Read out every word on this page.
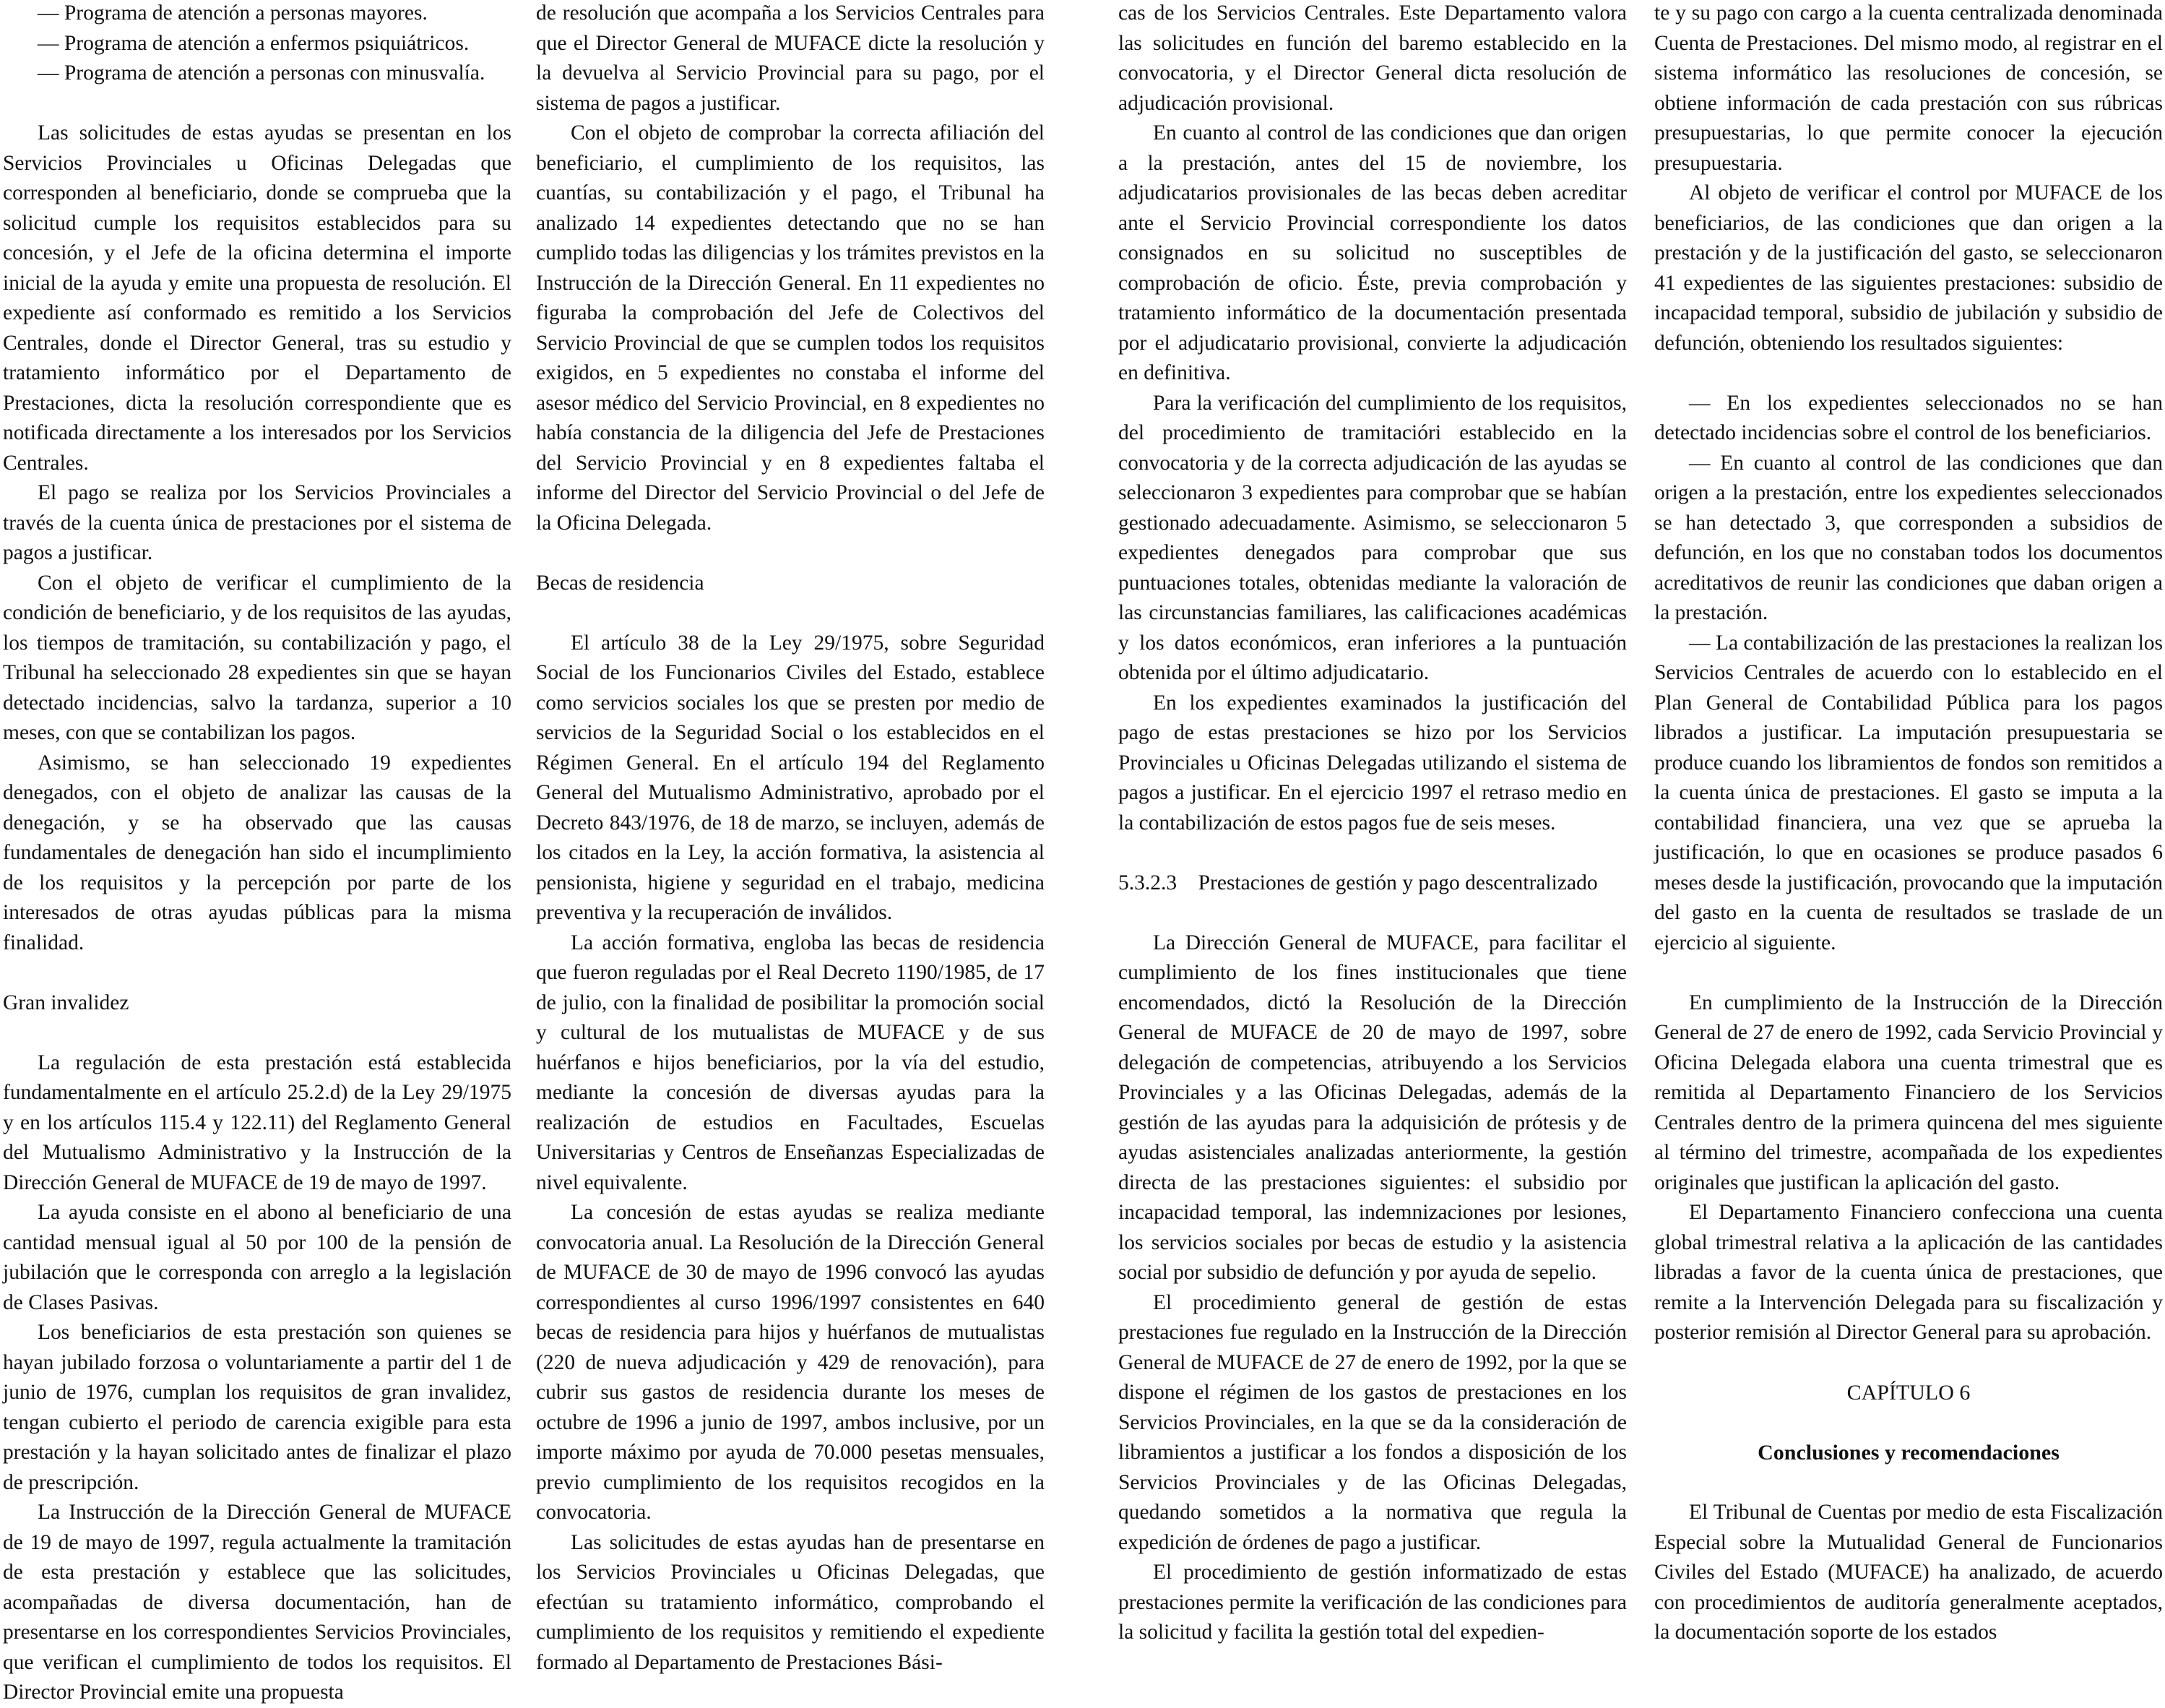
— Programa de atención a personas mayores.

— Programa de atención a enfermos psiquiátricos.

— Programa de atención a personas con minusvalía.

Las solicitudes de estas ayudas se presentan en los Servicios Provinciales u Oficinas Delegadas que corresponden al beneficiario, donde se comprueba que la solicitud cumple los requisitos establecidos para su concesión, y el Jefe de la oficina determina el importe inicial de la ayuda y emite una propuesta de resolución. El expediente así conformado es remitido a los Servicios Centrales, donde el Director General, tras su estudio y tratamiento informático por el Departamento de Prestaciones, dicta la resolución correspondiente que es notificada directamente a los interesados por los Servicios Centrales.

El pago se realiza por los Servicios Provinciales a través de la cuenta única de prestaciones por el sistema de pagos a justificar.

Con el objeto de verificar el cumplimiento de la condición de beneficiario, y de los requisitos de las ayudas, los tiempos de tramitación, su contabilización y pago, el Tribunal ha seleccionado 28 expedientes sin que se hayan detectado incidencias, salvo la tardanza, superior a 10 meses, con que se contabilizan los pagos.

Asimismo, se han seleccionado 19 expedientes denegados, con el objeto de analizar las causas de la denegación, y se ha observado que las causas fundamentales de denegación han sido el incumplimiento de los requisitos y la percepción por parte de los interesados de otras ayudas públicas para la misma finalidad.

Gran invalidez

La regulación de esta prestación está establecida fundamentalmente en el artículo 25.2.d) de la Ley 29/1975 y en los artículos 115.4 y 122.11) del Reglamento General del Mutualismo Administrativo y la Instrucción de la Dirección General de MUFACE de 19 de mayo de 1997.

La ayuda consiste en el abono al beneficiario de una cantidad mensual igual al 50 por 100 de la pensión de jubilación que le corresponda con arreglo a la legislación de Clases Pasivas.

Los beneficiarios de esta prestación son quienes se hayan jubilado forzosa o voluntariamente a partir del 1 de junio de 1976, cumplan los requisitos de gran invalidez, tengan cubierto el periodo de carencia exigible para esta prestación y la hayan solicitado antes de finalizar el plazo de prescripción.

La Instrucción de la Dirección General de MUFACE de 19 de mayo de 1997, regula actualmente la tramitación de esta prestación y establece que las solicitudes, acompañadas de diversa documentación, han de presentarse en los correspondientes Servicios Provinciales, que verifican el cumplimiento de todos los requisitos. El Director Provincial emite una propuesta

de resolución que acompaña a los Servicios Centrales para que el Director General de MUFACE dicte la resolución y la devuelva al Servicio Provincial para su pago, por el sistema de pagos a justificar.

Con el objeto de comprobar la correcta afiliación del beneficiario, el cumplimiento de los requisitos, las cuantías, su contabilización y el pago, el Tribunal ha analizado 14 expedientes detectando que no se han cumplido todas las diligencias y los trámites previstos en la Instrucción de la Dirección General. En 11 expedientes no figuraba la comprobación del Jefe de Colectivos del Servicio Provincial de que se cumplen todos los requisitos exigidos, en 5 expedientes no constaba el informe del asesor médico del Servicio Provincial, en 8 expedientes no había constancia de la diligencia del Jefe de Prestaciones del Servicio Provincial y en 8 expedientes faltaba el informe del Director del Servicio Provincial o del Jefe de la Oficina Delegada.

Becas de residencia

El artículo 38 de la Ley 29/1975, sobre Seguridad Social de los Funcionarios Civiles del Estado, establece como servicios sociales los que se presten por medio de servicios de la Seguridad Social o los establecidos en el Régimen General. En el artículo 194 del Reglamento General del Mutualismo Administrativo, aprobado por el Decreto 843/1976, de 18 de marzo, se incluyen, además de los citados en la Ley, la acción formativa, la asistencia al pensionista, higiene y seguridad en el trabajo, medicina preventiva y la recuperación de inválidos.

La acción formativa, engloba las becas de residencia que fueron reguladas por el Real Decreto 1190/1985, de 17 de julio, con la finalidad de posibilitar la promoción social y cultural de los mutualistas de MUFACE y de sus huérfanos e hijos beneficiarios, por la vía del estudio, mediante la concesión de diversas ayudas para la realización de estudios en Facultades, Escuelas Universitarias y Centros de Enseñanzas Especializadas de nivel equivalente.

La concesión de estas ayudas se realiza mediante convocatoria anual. La Resolución de la Dirección General de MUFACE de 30 de mayo de 1996 convocó las ayudas correspondientes al curso 1996/1997 consistentes en 640 becas de residencia para hijos y huérfanos de mutualistas (220 de nueva adjudicación y 429 de renovación), para cubrir sus gastos de residencia durante los meses de octubre de 1996 a junio de 1997, ambos inclusive, por un importe máximo por ayuda de 70.000 pesetas mensuales, previo cumplimiento de los requisitos recogidos en la convocatoria.

Las solicitudes de estas ayudas han de presentarse en los Servicios Provinciales u Oficinas Delegadas, que efectúan su tratamiento informático, comprobando el cumplimiento de los requisitos y remitiendo el expediente formado al Departamento de Prestaciones Bási-

cas de los Servicios Centrales. Este Departamento valora las solicitudes en función del baremo establecido en la convocatoria, y el Director General dicta resolución de adjudicación provisional.

En cuanto al control de las condiciones que dan origen a la prestación, antes del 15 de noviembre, los adjudicatarios provisionales de las becas deben acreditar ante el Servicio Provincial correspondiente los datos consignados en su solicitud no susceptibles de comprobación de oficio. Éste, previa comprobación y tratamiento informático de la documentación presentada por el adjudicatario provisional, convierte la adjudicación en definitiva.

Para la verificación del cumplimiento de los requisitos, del procedimiento de tramitacióri establecido en la convocatoria y de la correcta adjudicación de las ayudas se seleccionaron 3 expedientes para comprobar que se habían gestionado adecuadamente. Asimismo, se seleccionaron 5 expedientes denegados para comprobar que sus puntuaciones totales, obtenidas mediante la valoración de las circunstancias familiares, las calificaciones académicas y los datos económicos, eran inferiores a la puntuación obtenida por el último adjudicatario.

En los expedientes examinados la justificación del pago de estas prestaciones se hizo por los Servicios Provinciales u Oficinas Delegadas utilizando el sistema de pagos a justificar. En el ejercicio 1997 el retraso medio en la contabilización de estos pagos fue de seis meses.

5.3.2.3    Prestaciones de gestión y pago descentralizado

La Dirección General de MUFACE, para facilitar el cumplimiento de los fines institucionales que tiene encomendados, dictó la Resolución de la Dirección General de MUFACE de 20 de mayo de 1997, sobre delegación de competencias, atribuyendo a los Servicios Provinciales y a las Oficinas Delegadas, además de la gestión de las ayudas para la adquisición de prótesis y de ayudas asistenciales analizadas anteriormente, la gestión directa de las prestaciones siguientes: el subsidio por incapacidad temporal, las indemnizaciones por lesiones, los servicios sociales por becas de estudio y la asistencia social por subsidio de defunción y por ayuda de sepelio.

El procedimiento general de gestión de estas prestaciones fue regulado en la Instrucción de la Dirección General de MUFACE de 27 de enero de 1992, por la que se dispone el régimen de los gastos de prestaciones en los Servicios Provinciales, en la que se da la consideración de libramientos a justificar a los fondos a disposición de los Servicios Provinciales y de las Oficinas Delegadas, quedando sometidos a la normativa que regula la expedición de órdenes de pago a justificar.

El procedimiento de gestión informatizado de estas prestaciones permite la verificación de las condiciones para la solicitud y facilita la gestión total del expedien-

te y su pago con cargo a la cuenta centralizada denominada Cuenta de Prestaciones. Del mismo modo, al registrar en el sistema informático las resoluciones de concesión, se obtiene información de cada prestación con sus rúbricas presupuestarias, lo que permite conocer la ejecución presupuestaria.

Al objeto de verificar el control por MUFACE de los beneficiarios, de las condiciones que dan origen a la prestación y de la justificación del gasto, se seleccionaron 41 expedientes de las siguientes prestaciones: subsidio de incapacidad temporal, subsidio de jubilación y subsidio de defunción, obteniendo los resultados siguientes:

— En los expedientes seleccionados no se han detectado incidencias sobre el control de los beneficiarios.

— En cuanto al control de las condiciones que dan origen a la prestación, entre los expedientes seleccionados se han detectado 3, que corresponden a subsidios de defunción, en los que no constaban todos los documentos acreditativos de reunir las condiciones que daban origen a la prestación.

— La contabilización de las prestaciones la realizan los Servicios Centrales de acuerdo con lo establecido en el Plan General de Contabilidad Pública para los pagos librados a justificar. La imputación presupuestaria se produce cuando los libramientos de fondos son remitidos a la cuenta única de prestaciones. El gasto se imputa a la contabilidad financiera, una vez que se aprueba la justificación, lo que en ocasiones se produce pasados 6 meses desde la justificación, provocando que la imputación del gasto en la cuenta de resultados se traslade de un ejercicio al siguiente.

En cumplimiento de la Instrucción de la Dirección General de 27 de enero de 1992, cada Servicio Provincial y Oficina Delegada elabora una cuenta trimestral que es remitida al Departamento Financiero de los Servicios Centrales dentro de la primera quincena del mes siguiente al término del trimestre, acompañada de los expedientes originales que justifican la aplicación del gasto.

El Departamento Financiero confecciona una cuenta global trimestral relativa a la aplicación de las cantidades libradas a favor de la cuenta única de prestaciones, que remite a la Intervención Delegada para su fiscalización y posterior remisión al Director General para su aprobación.

CAPÍTULO 6
Conclusiones y recomendaciones

El Tribunal de Cuentas por medio de esta Fiscalización Especial sobre la Mutualidad General de Funcionarios Civiles del Estado (MUFACE) ha analizado, de acuerdo con procedimientos de auditoría generalmente aceptados, la documentación soporte de los estados
